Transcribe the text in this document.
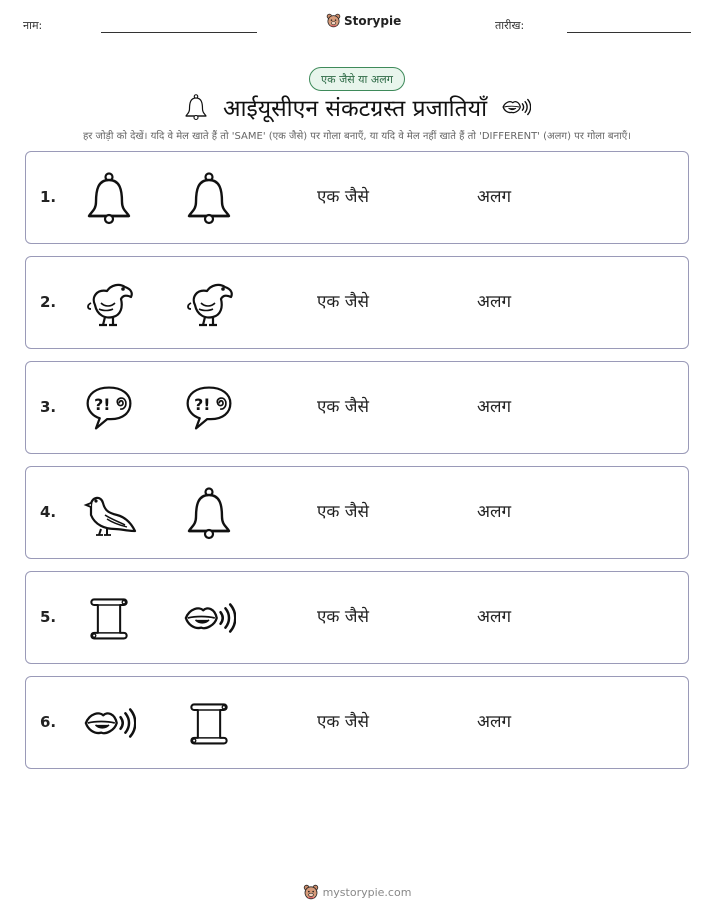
नाम:	Storypie	तारीख:
एक जैसे या अलग
आईयूसीएन संकटग्रस्त प्रजातियाँ
हर जोड़ी को देखें। यदि वे मेल खाते हैं तो 'SAME' (एक जैसे) पर गोला बनाएँ, या यदि वे मेल नहीं खाते हैं तो 'DIFFERENT' (अलग) पर गोला बनाएँ।
1.	एक जैसे	अलग
2.	एक जैसे	अलग
3.	एक जैसे	अलग
4.	एक जैसे	अलग
5.	एक जैसे	अलग
6.	एक जैसे	अलग
mystorypie.com
